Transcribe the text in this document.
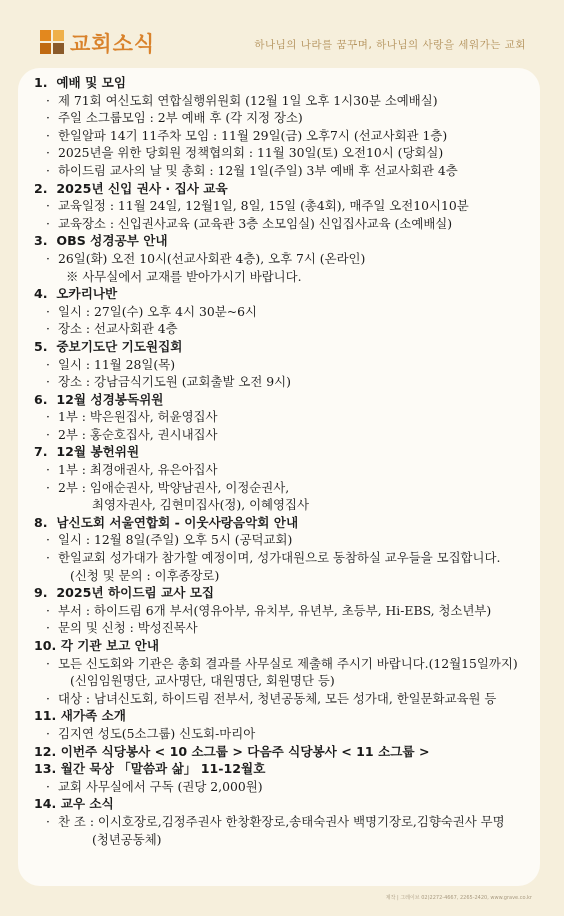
교회소식	하나님의 나라를 꿈꾸며, 하나님의 사랑을 세워가는 교회
1. 예배 및 모임
· 제 71회 여신도회 연합실행위원회 (12월 1일 오후 1시30분 소예배실)
· 주일 소그룹모임 : 2부 예배 후 (각 지정 장소)
· 한일알파 14기 11주차 모임 : 11월 29일(금) 오후7시 (선교사회관 1층)
· 2025년을 위한 당회원 정책협의회 : 11월 30일(토) 오전10시 (당회실)
· 하이드림 교사의 날 및 총회 : 12월 1일(주일) 3부 예배 후 선교사회관 4층
2. 2025년 신입 권사 · 집사 교육
· 교육일정 : 11월 24일, 12월1일, 8일, 15일 (총4회), 매주일 오전10시10분
· 교육장소 : 신입권사교육 (교육관 3층 소모임실) 신입집사교육 (소예배실)
3. OBS 성경공부 안내
· 26일(화) 오전 10시(선교사회관 4층), 오후 7시 (온라인)
※ 사무실에서 교재를 받아가시기 바랍니다.
4. 오카리나반
· 일시 : 27일(수) 오후 4시 30분~6시
· 장소 : 선교사회관 4층
5. 중보기도단 기도원집회
· 일시 : 11월 28일(목)
· 장소 : 강남금식기도원 (교회출발 오전 9시)
6. 12월 성경봉독위원
· 1부 : 박은원집사, 허윤영집사
· 2부 : 홍순호집사, 권시내집사
7. 12월 봉헌위원
· 1부 : 최경애권사, 유은아집사
· 2부 : 임애순권사, 박양남권사, 이정순권사,
최영자권사, 김현미집사(정), 이혜영집사
8. 남신도회 서울연합회 - 이웃사랑음악회 안내
· 일시 : 12월 8일(주일) 오후 5시 (공덕교회)
· 한일교회 성가대가 참가할 예정이며, 성가대원으로 동참하실 교우들을 모집합니다.
(신청 및 문의 : 이후종장로)
9. 2025년 하이드림 교사 모집
· 부서 : 하이드림 6개 부서(영유아부, 유치부, 유년부, 초등부, Hi-EBS, 청소년부)
· 문의 및 신청 : 박성진목사
10. 각 기관 보고 안내
· 모든 신도회와 기관은 총회 결과를 사무실로 제출해 주시기 바랍니다.(12월15일까지)
(신임임원명단, 교사명단, 대원명단, 회원명단 등)
· 대상 : 남녀신도회, 하이드림 전부서, 청년공동체, 모든 성가대, 한일문화교육원 등
11. 새가족 소개
· 김지연 성도(5소그룹) 신도회-마리아
12. 이번주 식당봉사 < 10 소그룹 > 다음주 식당봉사 < 11 소그룹 >
13. 월간 묵상 「말씀과 삶」 11-12월호
· 교회 사무실에서 구독 (권당 2,000원)
14. 교우 소식
· 찬 조 : 이시호장로,김정주권사 한창환장로,송태숙권사 백명기장로,김향숙권사 무명
(청년공동체)
제작 | 그레이브 02)2272-4667, 2265-2420, www.grave.co.kr
